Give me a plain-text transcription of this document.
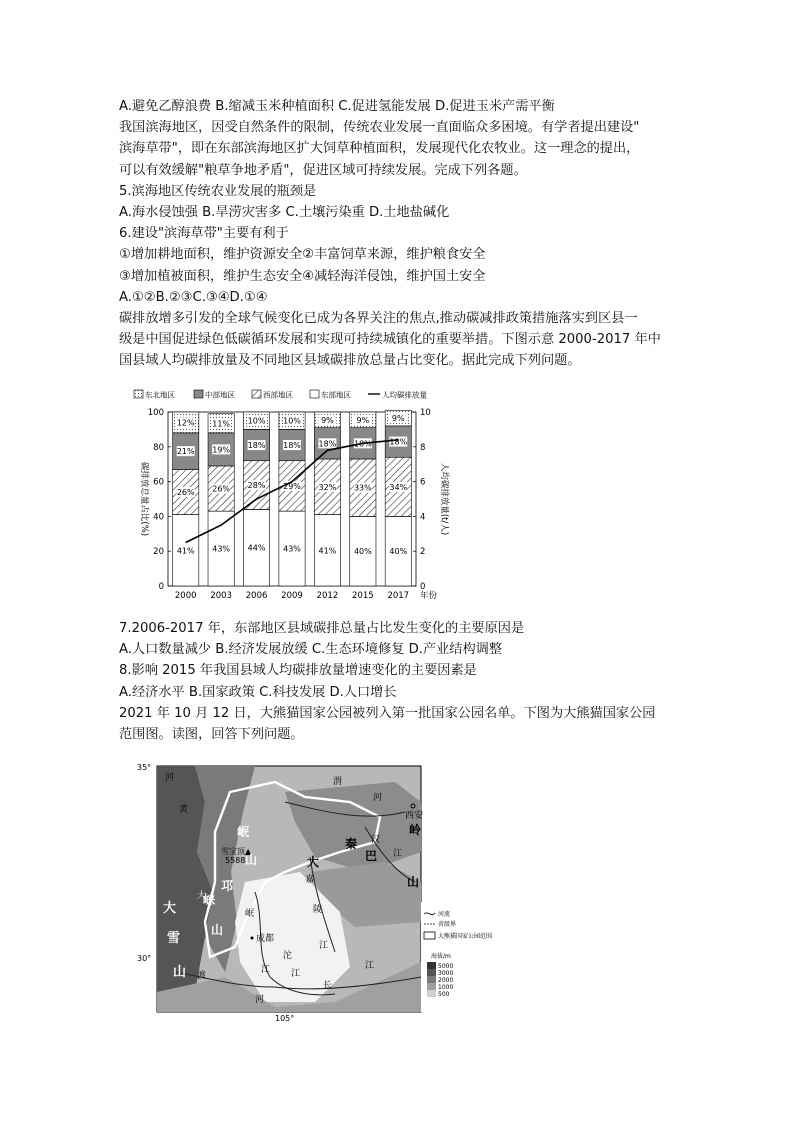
A.避免乙醇浪费 B.缩减玉米种植面积 C.促进氢能发展 D.促进玉米产需平衡
我国滨海地区，因受自然条件的限制，传统农业发展一直面临众多困境。有学者提出建设"
滨海草带"，即在东部滨海地区扩大饲草种植面积，发展现代化农牧业。这一理念的提出，
可以有效缓解"粮草争地矛盾"，促进区域可持续发展。完成下列各题。
5.滨海地区传统农业发展的瓶颈是
A.海水侵蚀强 B.旱涝灾害多 C.土壤污染重 D.土地盐碱化
6.建设"滨海草带"主要有利于
①增加耕地面积，维护资源安全②丰富饲草来源，维护粮食安全
③增加植被面积，维护生态安全④减轻海洋侵蚀，维护国土安全
A.①②B.②③C.③④D.①④
碳排放增多引发的全球气候变化已成为各界关注的焦点,推动碳减排政策措施落实到区县一
级是中国促进绿色低碳循环发展和实现可持续城镇化的重要举措。下图示意 2000-2017 年中
国县域人均碳排放量及不同地区县域碳排放总量占比变化。据此完成下列问题。
东北地区	中部地区	西部地区	东部地区	人均碳排放量
0
20
40
60
80
100
0
2
4
6
8
10
碳排放总量占比(%)	人均碳排放量(t/人)
2000 2003 2006 2009 2012 2015 2017 年份
41%
26%
21%
12%
43%
26%
19%
11%
44%
28%
18%
10%
43%
29%
18%
10%
41%
32%
18%
9%
40%
33%
18%
9%
40%
34%
18%
9%
7.2006-2017 年，东部地区县域碳排总量占比发生变化的主要原因是
A.人口数量减少 B.经济发展放缓 C.生态环境修复 D.产业结构调整
8.影响 2015 年我国县域人均碳排放量增速变化的主要因素是
A.经济水平 B.国家政策 C.科技发展 D.人口增长
2021 年 10 月 12 日，大熊猫国家公园被列入第一批国家公园名单。下图为大熊猫国家公园
范围图。读图，回答下列问题。
35°
30°
105°
雪宝顶▲
5588
成都
西安
岷
山
邛
崃
山
大
雪
山
秦
岭
大	巴
山
黄
河	渭
河
汉
江
嘉
陵
江
大
渡
河
岷
江
沱
江
长
江
河流
省级界
大熊猫国家公园范围
海拔/m
5000
3000
2000
1000
500
